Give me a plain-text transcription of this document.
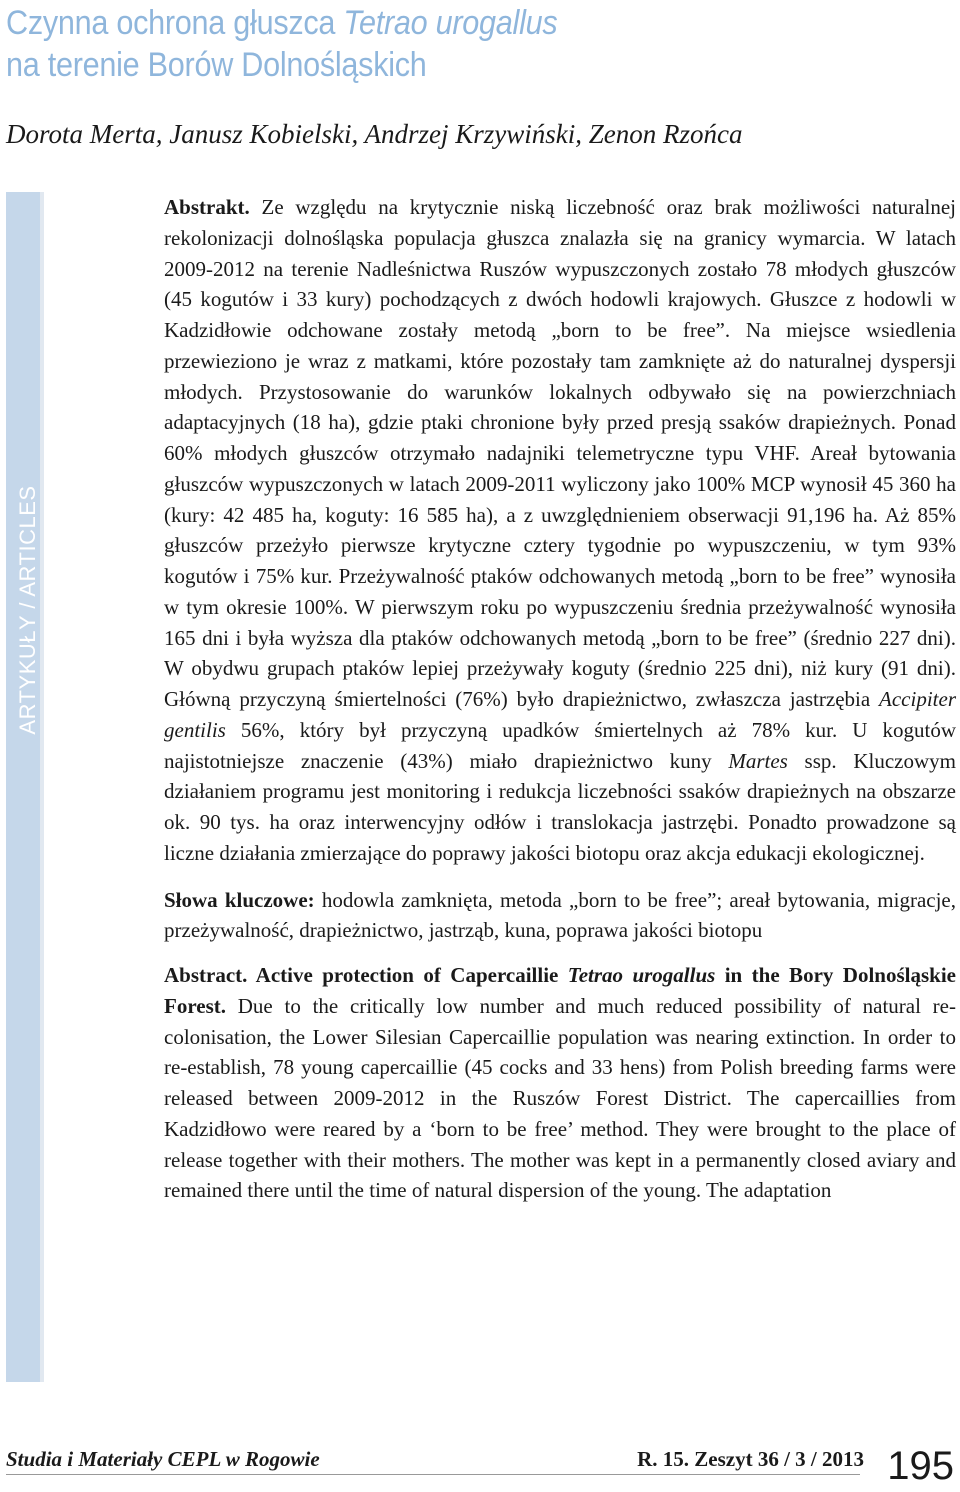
Czynna ochrona głuszca Tetrao urogallus
na terenie Borów Dolnośląskich
Dorota Merta, Janusz Kobielski, Andrzej Krzywiński, Zenon Rzońca
ARTYKUŁY / ARTICLES

Abstrakt. Ze względu na krytycznie niską liczebność oraz brak możliwości naturalnej rekolonizacji dolnośląska populacja głuszca znalazła się na granicy wymarcia. W latach 2009-2012 na terenie Nadleśnictwa Ruszów wypuszczonych zostało 78 młodych głuszców (45 kogutów i 33 kury) pochodzących z dwóch hodowli krajowych. Głuszce z hodowli w Kadzidłowie odchowane zostały metodą „born to be free”. Na miejsce wsiedlenia przewieziono je wraz z matkami, które pozostały tam zamknięte aż do naturalnej dyspersji młodych. Przystosowanie do warunków lokalnych odbywało się na powierzchniach adaptacyjnych (18 ha), gdzie ptaki chronione były przed presją ssaków drapieżnych. Ponad 60% młodych głuszców otrzymało nadajniki telemetryczne typu VHF. Areał bytowania głuszców wypuszczonych w latach 2009-2011 wyliczony jako 100% MCP wynosił 45 360 ha (kury: 42 485 ha, koguty: 16 585 ha), a z uwzględnieniem obserwacji 91,196 ha. Aż 85% głuszców przeżyło pierwsze krytyczne cztery tygodnie po wypuszczeniu, w tym 93% kogutów i 75% kur. Przeżywalność ptaków odchowanych metodą „born to be free” wynosiła w tym okresie 100%. W pierwszym roku po wypuszczeniu średnia przeżywalność wynosiła 165 dni i była wyższa dla ptaków odchowanych metodą „born to be free” (średnio 227 dni). W obydwu grupach ptaków lepiej przeżywały koguty (średnio 225 dni), niż kury (91 dni). Główną przyczyną śmiertelności (76%) było drapieżnictwo, zwłaszcza jastrzębia Accipiter gentilis 56%, który był przyczyną upadków śmiertelnych aż 78% kur. U kogutów najistotniejsze znaczenie (43%) miało drapieżnictwo kuny Martes ssp. Kluczowym działaniem programu jest monitoring i redukcja liczebności ssaków drapieżnych na obszarze ok. 90 tys. ha oraz interwencyjny odłów i translokacja jastrzębi. Ponadto prowadzone są liczne działania zmierzające do poprawy jakości biotopu oraz akcja edukacji ekologicznej.

Słowa kluczowe: hodowla zamknięta, metoda „born to be free”; areał bytowania, migracje, przeżywalność, drapieżnictwo, jastrząb, kuna, poprawa jakości biotopu

Abstract. Active protection of Capercaillie Tetrao urogallus in the Bory Dolnośląskie Forest. Due to the critically low number and much reduced possibility of natural re-colonisation, the Lower Silesian Capercaillie population was nearing extinction. In order to re-establish, 78 young capercaillie (45 cocks and 33 hens) from Polish breeding farms were released between 2009-2012 in the Ruszów Forest District. The capercaillies from Kadzidłowo were reared by a ‘born to be free’ method. They were brought to the place of release together with their mothers. The mother was kept in a permanently closed aviary and remained there until the time of natural dispersion of the young. The adaptation

Studia i Materiały CEPL w Rogowie	R. 15. Zeszyt 36 / 3 / 2013 195
